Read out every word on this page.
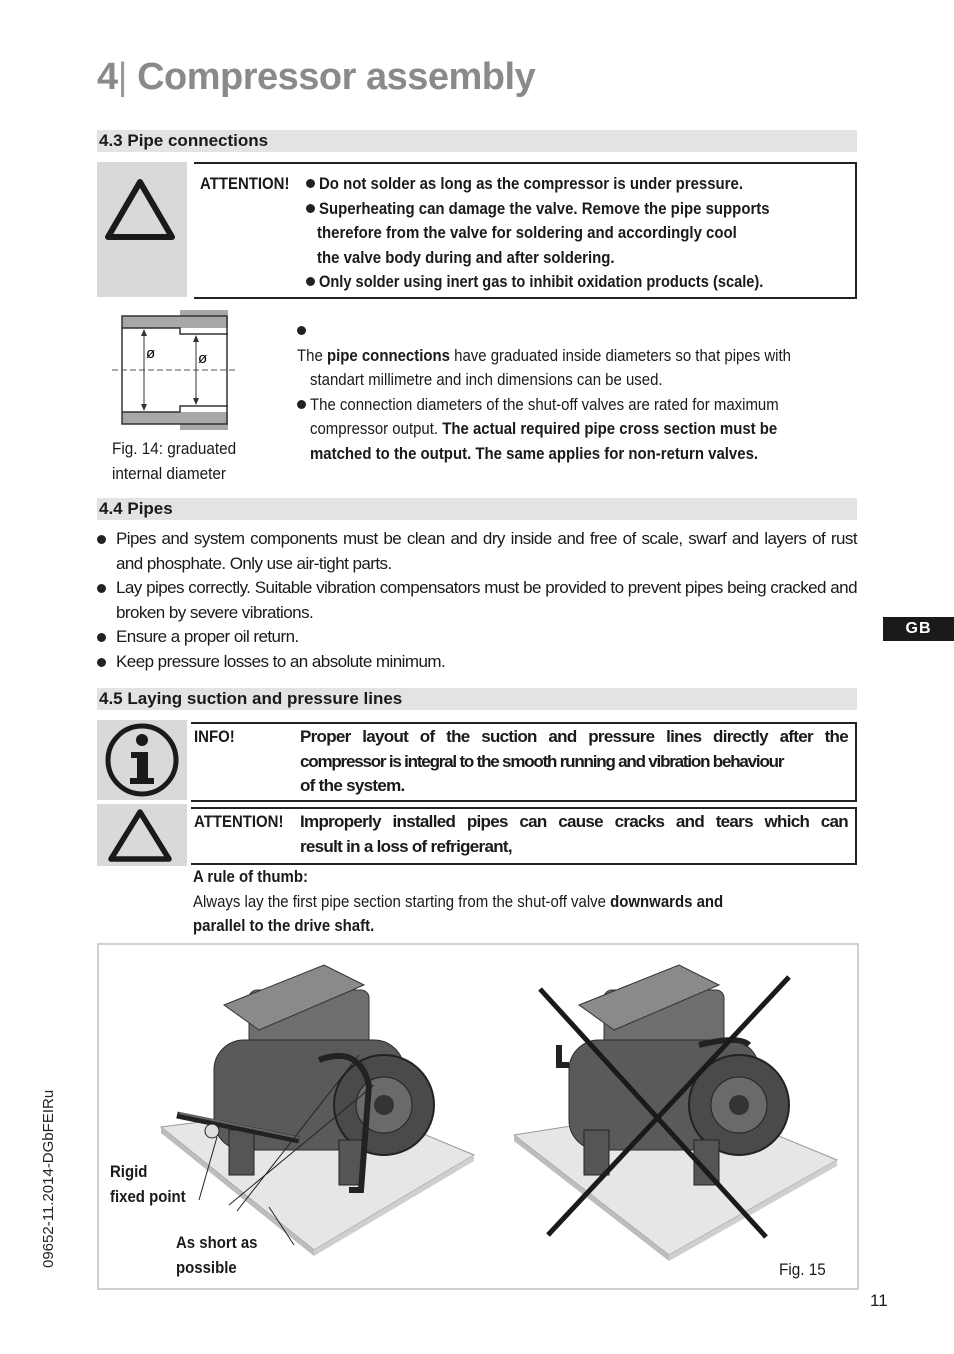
4| Compressor assembly
4.3 Pipe connections
ATTENTION!	Do not solder as long as the compressor is under pressure.
Superheating can damage the valve. Remove the pipe supports
therefore from the valve for soldering and accordingly cool
the valve body during and after soldering.
Only solder using inert gas to inhibit oxidation products (scale).
ø	ø
Fig. 14: graduated
internal diameter
The pipe connections have graduated inside diameters so that pipes with
standart millimetre and inch dimensions can be used.
The connection diameters of the shut-off valves are rated for maximum
compressor output. The actual required pipe cross section must be
matched to the output. The same applies for non-return valves.
4.4 Pipes
Pipes and system components must be clean and dry inside and free of scale, swarf and layers of rust and phosphate. Only use air-tight parts.
Lay pipes correctly. Suitable vibration compensators must be provided to prevent pipes being cracked and broken by severe vibrations.
Ensure a proper oil return.
Keep pressure losses to an absolute minimum.
4.5 Laying suction and pressure lines
INFO!	Proper layout of the suction and pressure lines directly after the
compressor is integral to the smooth running and vibration behaviour
of the system.
ATTENTION! Improperly installed pipes can cause cracks and tears which can
result in a loss of refrigerant,
A rule of thumb:
Always lay the first pipe section starting from the shut-off valve downwards and
parallel to the drive shaft.
Rigid
fixed point
As short as
possible	Fig. 15
GB
09652-11.2014-DGbFEIRu
11
